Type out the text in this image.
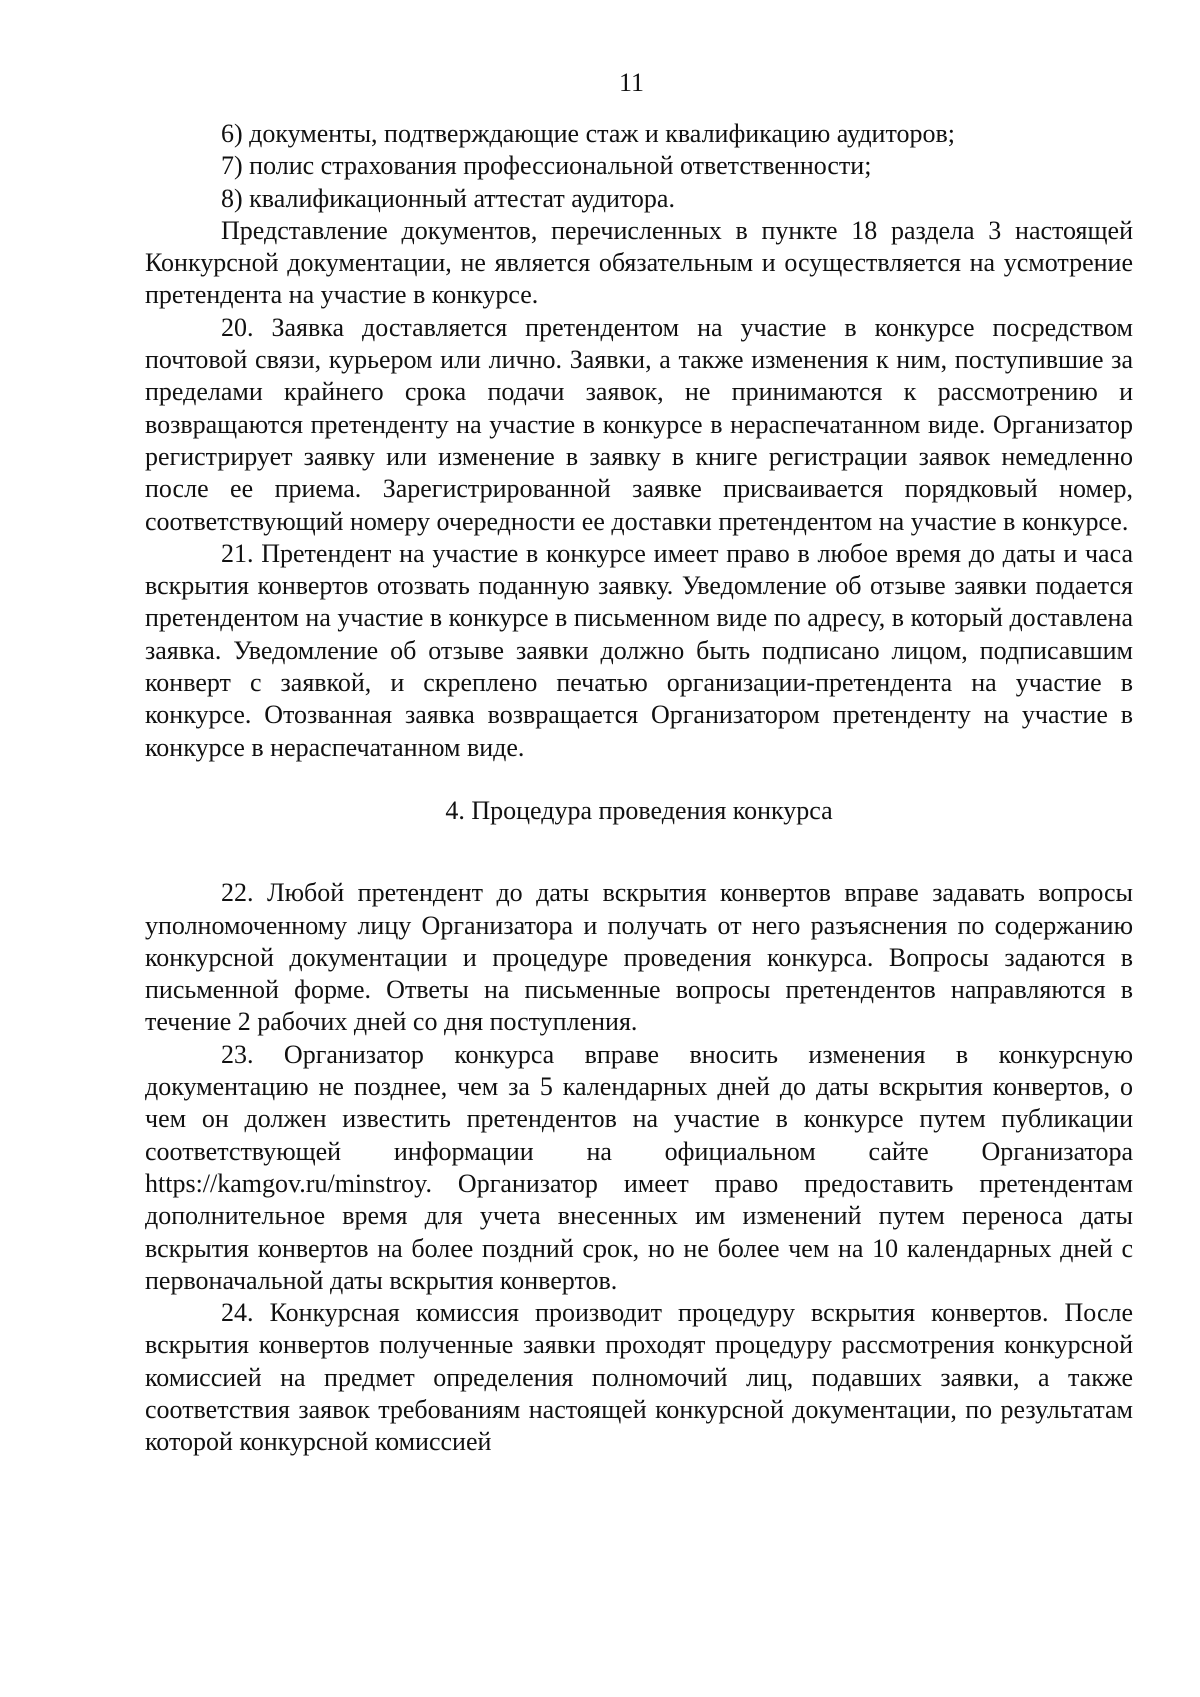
11

6) документы, подтверждающие стаж и квалификацию аудиторов;

7) полис страхования профессиональной ответственности;

8) квалификационный аттестат аудитора.

Представление документов, перечисленных в пункте 18 раздела 3 настоящей Конкурсной документации, не является обязательным и осуществляется на усмотрение претендента на участие в конкурсе.

20. Заявка доставляется претендентом на участие в конкурсе посредством почтовой связи, курьером или лично. Заявки, а также изменения к ним, поступившие за пределами крайнего срока подачи заявок, не принимаются к рассмотрению и возвращаются претенденту на участие в конкурсе в нераспечатанном виде. Организатор регистрирует заявку или изменение в заявку в книге регистрации заявок немедленно после ее приема. Зарегистрированной заявке присваивается порядковый номер, соответствующий номеру очередности ее доставки претендентом на участие в конкурсе.

21. Претендент на участие в конкурсе имеет право в любое время до даты и часа вскрытия конвертов отозвать поданную заявку. Уведомление об отзыве заявки подается претендентом на участие в конкурсе в письменном виде по адресу, в который доставлена заявка. Уведомление об отзыве заявки должно быть подписано лицом, подписавшим конверт с заявкой, и скреплено печатью организации-претендента на участие в конкурсе. Отозванная заявка возвращается Организатором претенденту на участие в конкурсе в нераспечатанном виде.

4. Процедура проведения конкурса

22. Любой претендент до даты вскрытия конвертов вправе задавать вопросы уполномоченному лицу Организатора и получать от него разъяснения по содержанию конкурсной документации и процедуре проведения конкурса. Вопросы задаются в письменной форме. Ответы на письменные вопросы претендентов направляются в течение 2 рабочих дней со дня поступления.

23. Организатор конкурса вправе вносить изменения в конкурсную документацию не позднее, чем за 5 календарных дней до даты вскрытия конвертов, о чем он должен известить претендентов на участие в конкурсе путем публикации соответствующей информации на официальном сайте Организатора https://kamgov.ru/minstroy. Организатор имеет право предоставить претендентам дополнительное время для учета внесенных им изменений путем переноса даты вскрытия конвертов на более поздний срок, но не более чем на 10 календарных дней с первоначальной даты вскрытия конвертов.

24. Конкурсная комиссия производит процедуру вскрытия конвертов. После вскрытия конвертов полученные заявки проходят процедуру рассмотрения конкурсной комиссией на предмет определения полномочий лиц, подавших заявки, а также соответствия заявок требованиям настоящей конкурсной документации, по результатам которой конкурсной комиссией
